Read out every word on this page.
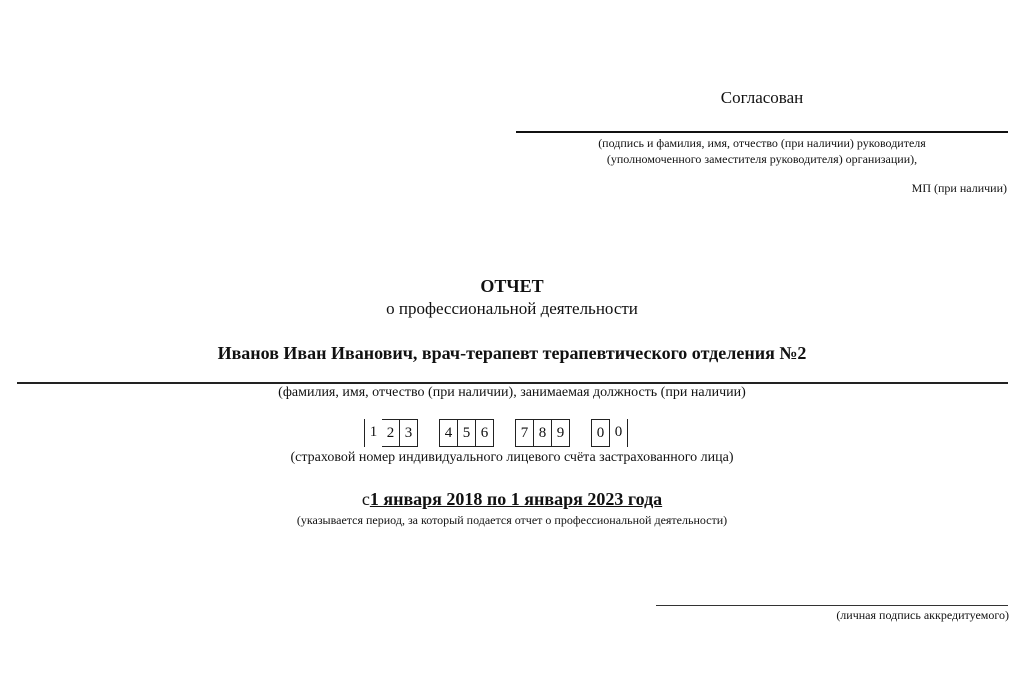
Согласован
(подпись и фамилия, имя, отчество (при наличии) руководителя
(уполномоченного заместителя руководителя) организации),
МП (при наличии)
ОТЧЕТ
о профессиональной деятельности
Иванов Иван Иванович, врач-терапевт терапевтического отделения №2
(фамилия, имя, отчество (при наличии), занимаемая должность (при наличии)
1 2 3	4 5 6	7 8 9	0 0
(страховой номер индивидуального лицевого счёта застрахованного лица)
с1 января 2018 по 1 января 2023 года
(указывается период, за который подается отчет о профессиональной деятельности)
(личная подпись аккредитуемого)
